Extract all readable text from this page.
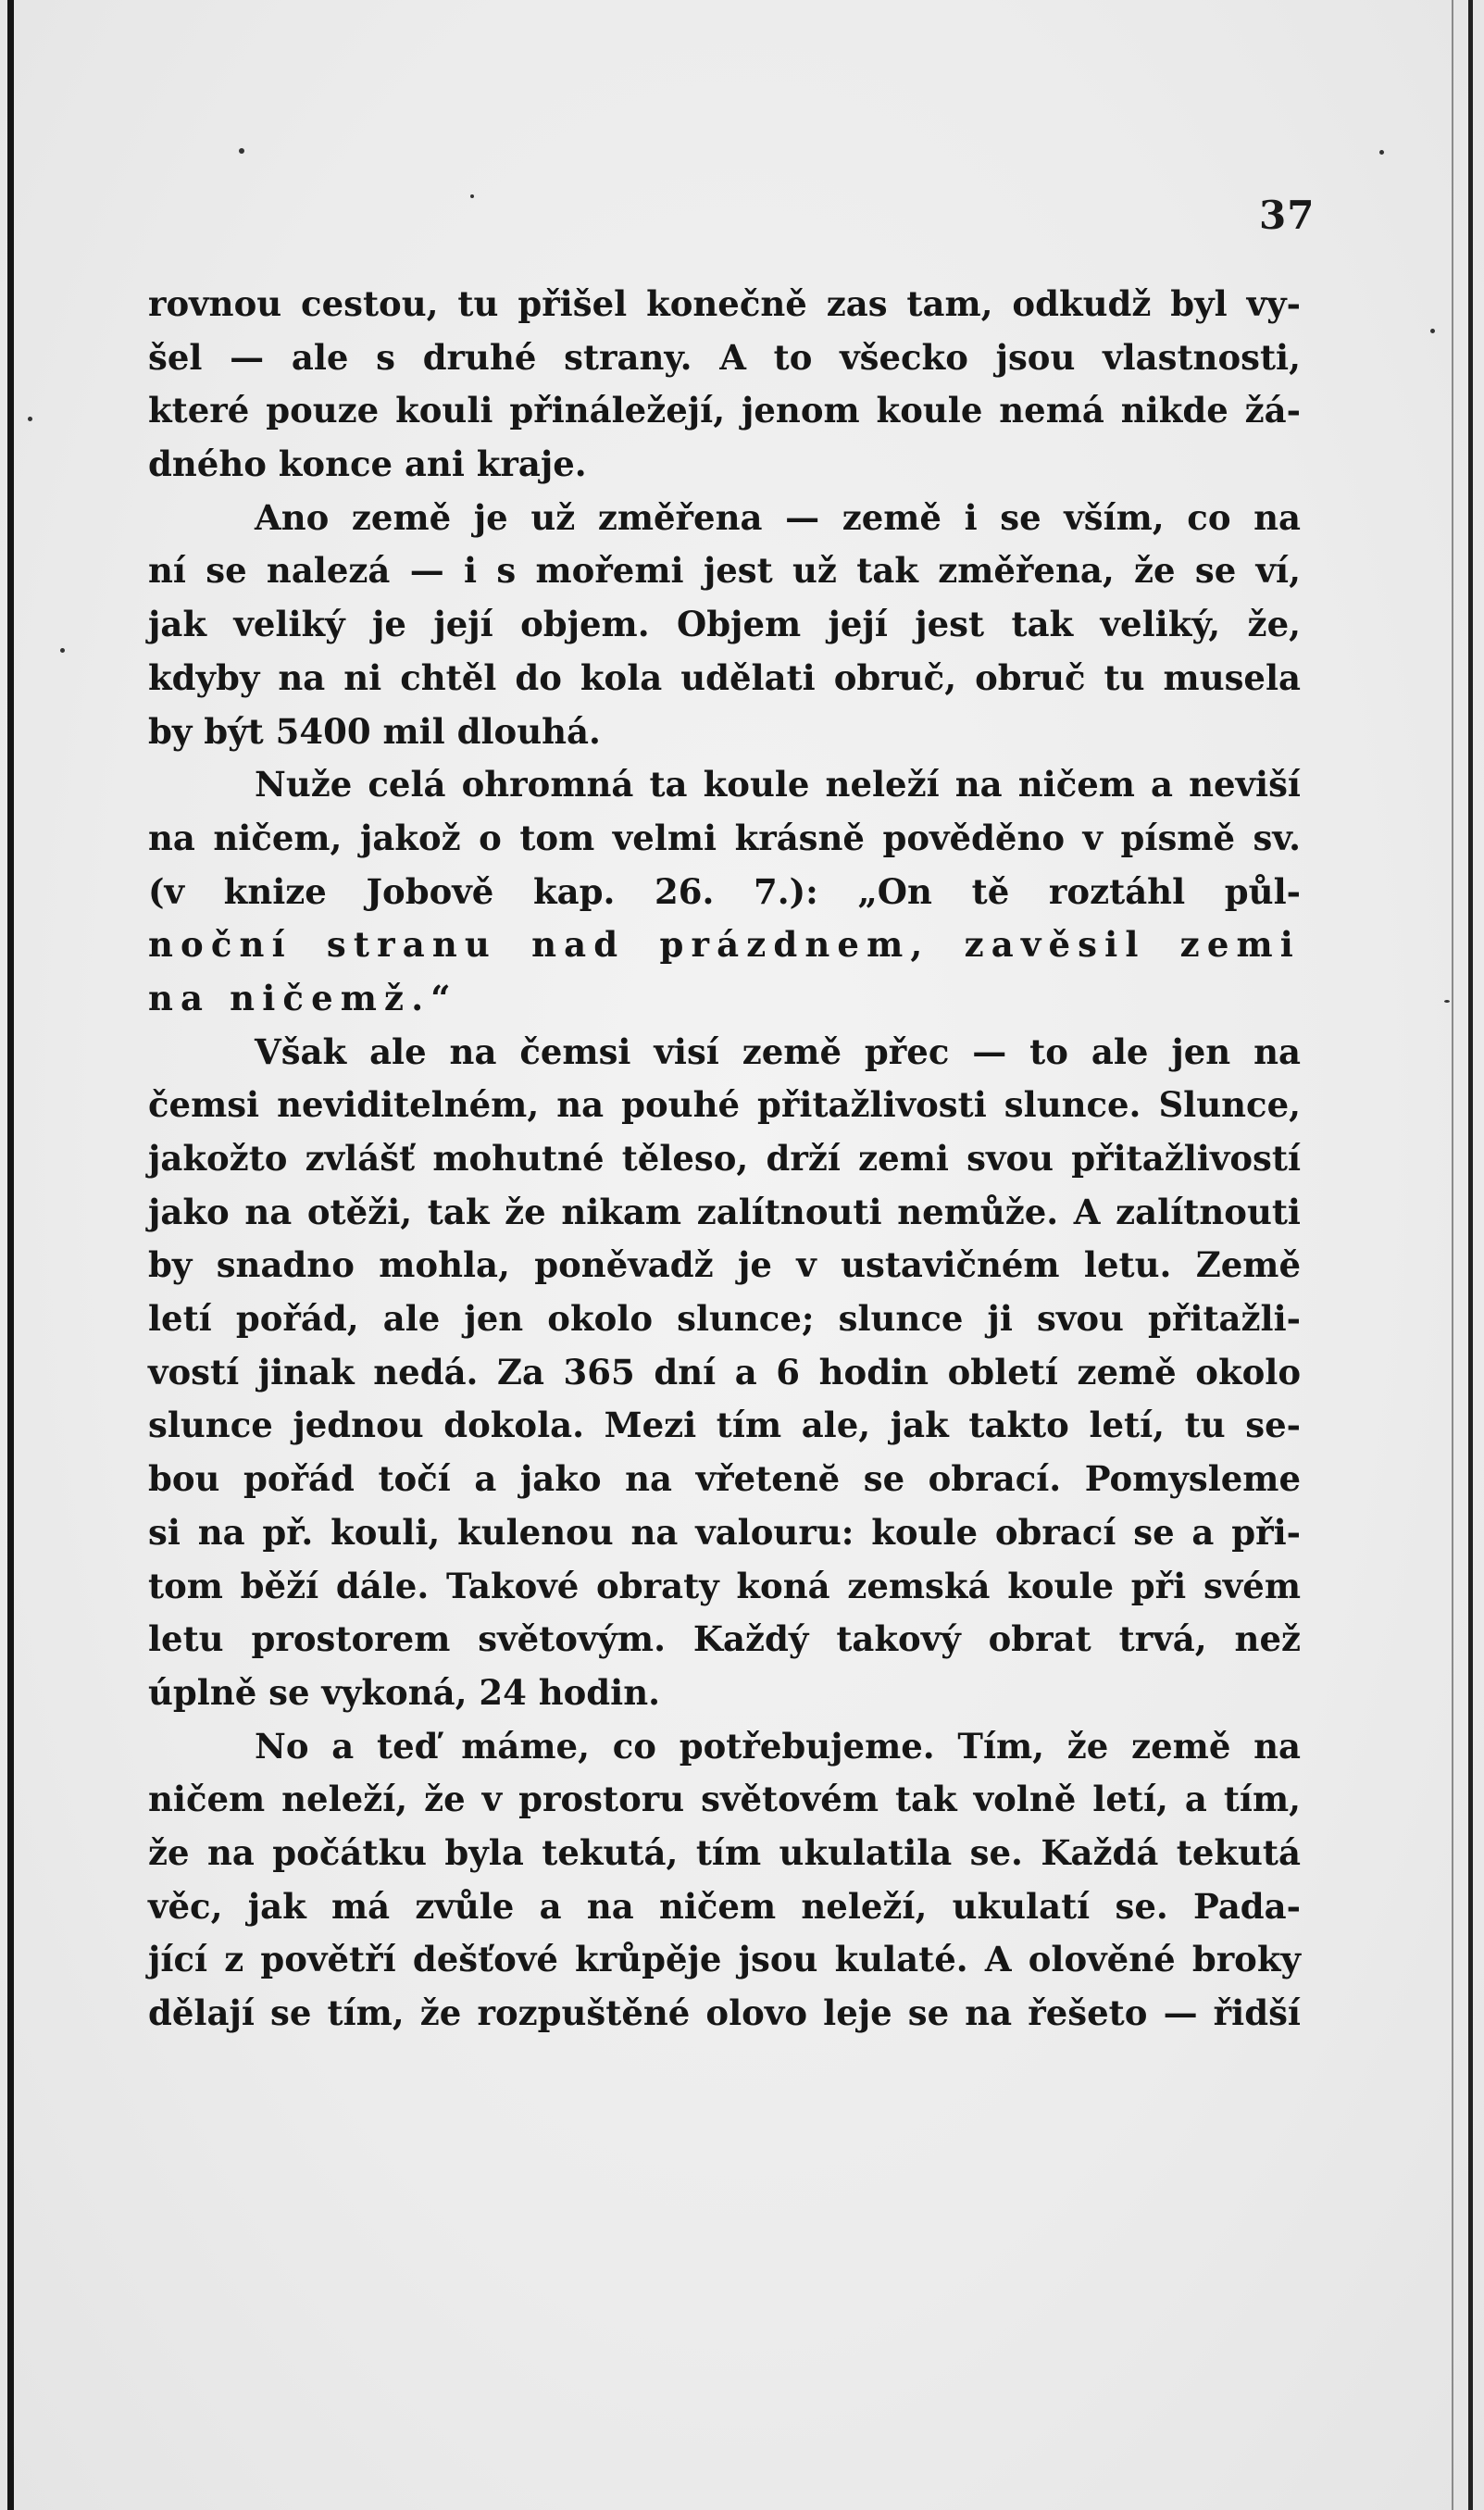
37
rovnou cestou, tu přišel konečně zas tam, odkudž byl vy-
šel — ale s druhé strany. A to všecko jsou vlastnosti,
které pouze kouli přináležejí, jenom koule nemá nikde žá-
dného konce ani kraje.
Ano země je už změřena — země i se vším, co na
ní se nalezá — i s mořemi jest už tak změřena, že se ví,
jak veliký je její objem. Objem její jest tak veliký, že,
kdyby na ni chtěl do kola udělati obruč, obruč tu musela
by být 5400 mil dlouhá.
Nuže celá ohromná ta koule neleží na ničem a neviší
na ničem, jakož o tom velmi krásně pověděno v písmě sv.
(v knize Jobově kap. 26. 7.): „On tě roztáhl půl-
noční stranu nad prázdnem, zavěsil zemi
na ničemž.“
Však ale na čemsi visí země přec — to ale jen na
čemsi neviditelném, na pouhé přitažlivosti slunce. Slunce,
jakožto zvlášť mohutné těleso, drží zemi svou přitažlivostí
jako na otěži, tak že nikam zalítnouti nemůže. A zalítnouti
by snadno mohla, poněvadž je v ustavičném letu. Země
letí pořád, ale jen okolo slunce; slunce ji svou přitažli-
vostí jinak nedá. Za 365 dní a 6 hodin obletí země okolo
slunce jednou dokola. Mezi tím ale, jak takto letí, tu se-
bou pořád točí a jako na vřetenĕ se obrací. Pomysleme
si na př. kouli, kulenou na valouru: koule obrací se a při-
tom běží dále. Takové obraty koná zemská koule při svém
letu prostorem světovým. Každý takový obrat trvá, než
úplně se vykoná, 24 hodin.
No a teď máme, co potřebujeme. Tím, že země na
ničem neleží, že v prostoru světovém tak volně letí, a tím,
že na počátku byla tekutá, tím ukulatila se. Každá tekutá
věc, jak má zvůle a na ničem neleží, ukulatí se. Pada-
jící z povětří dešťové krůpěje jsou kulaté. A olověné broky
dělají se tím, že rozpuštěné olovo leje se na řešeto — řidší
